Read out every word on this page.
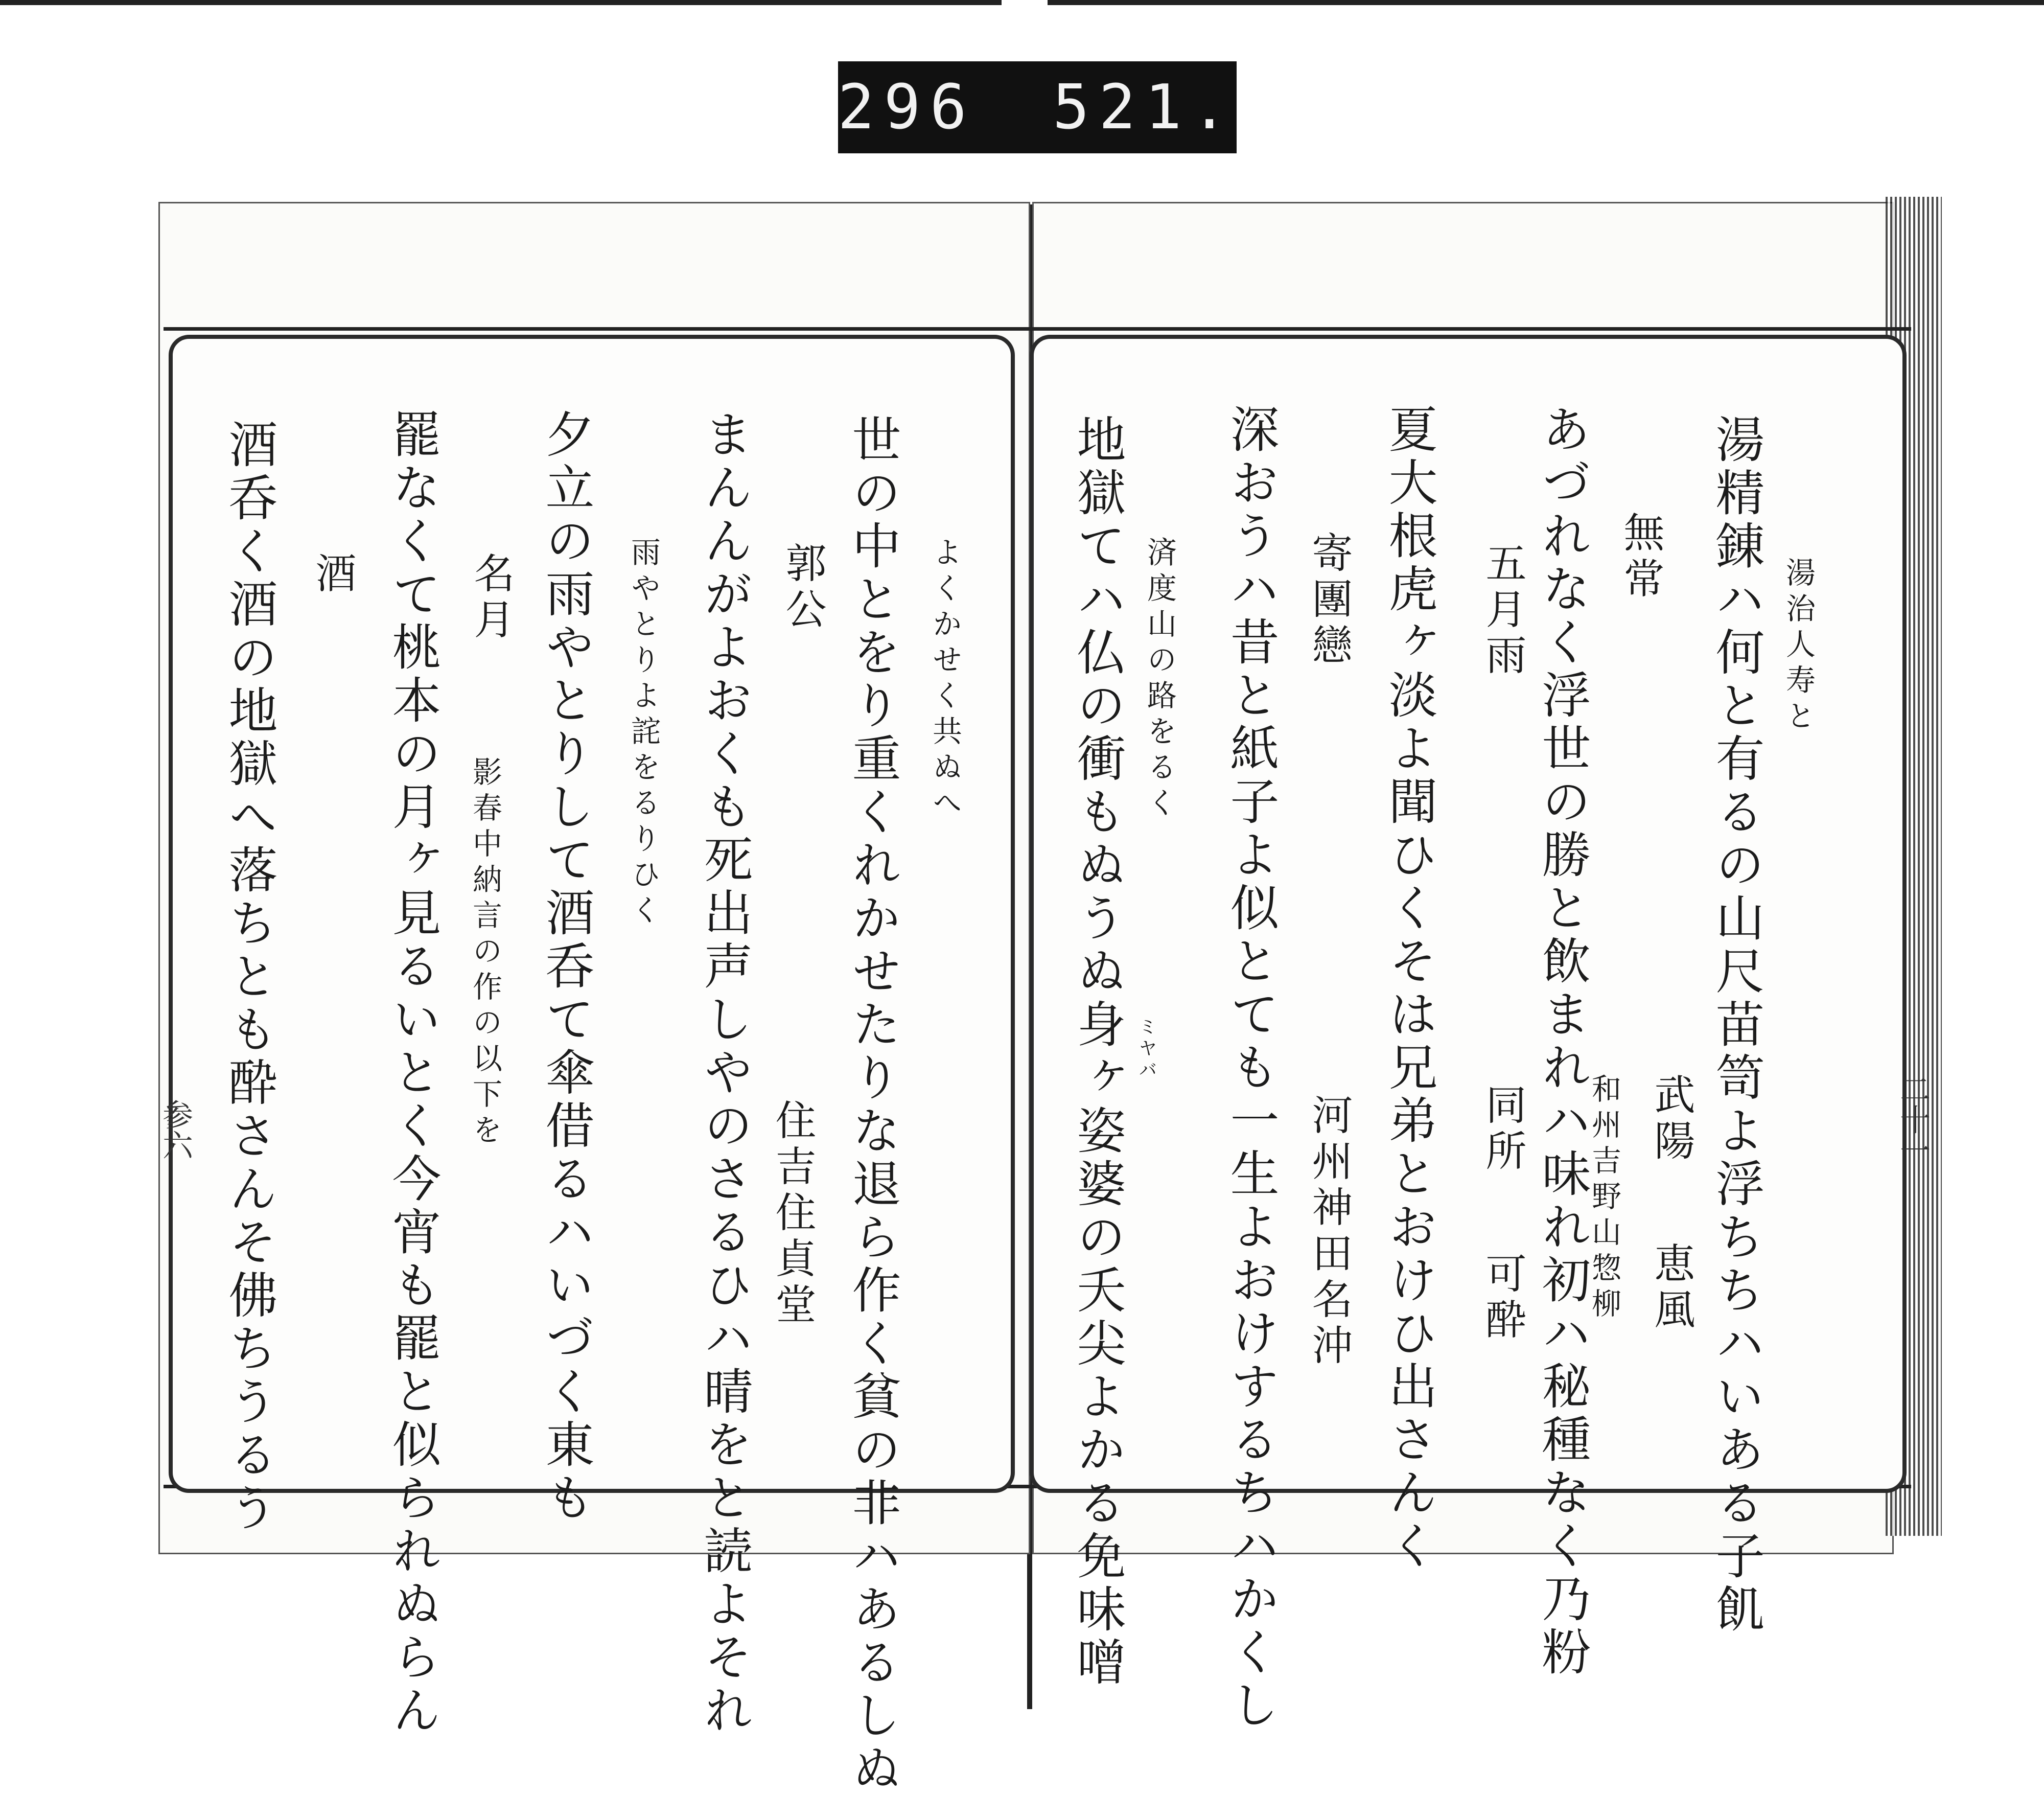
296 521.
湯治人寿と
湯精錬ハ何と有るの山尺苗笥よ浮ちちハいある子飢
武陽
恵風
無常
和州吉野山惣柳
あづれなく浮世の勝と飲まれハ味れ初ハ秘種なく乃粉
五月雨
同所
可酔
夏大根虎ヶ淡よ聞ひくそは兄弟とおけひ出さんく
寄團戀
河州神田名沖
深おうハ昔と紙子よ似とても一生よおけするちハかくし
済度山の路をるく
地獄てハ仏の衝もぬうぬ身ヶ姿婆の夭尖よかる免味噌 ミヤバ
よくかせく共ぬへ
世の中とをり重くれかせたりな退ら作く貧の非ハあるしぬ
郭公
住吉住貞堂
まんんがよおくも死出声しやのさるひハ晴をと読よそれ
雨やとりよ詫をるりひく
夕立の雨やとりして酒呑て傘借るハいづく東も
名月
影春中納言の作の以下を
罷なくて桃本の月ヶ見るいとく今宵も罷と似られぬらん
酒
酒呑く酒の地獄へ落ちとも酔さんそ佛ちうるう
参六	二十一
